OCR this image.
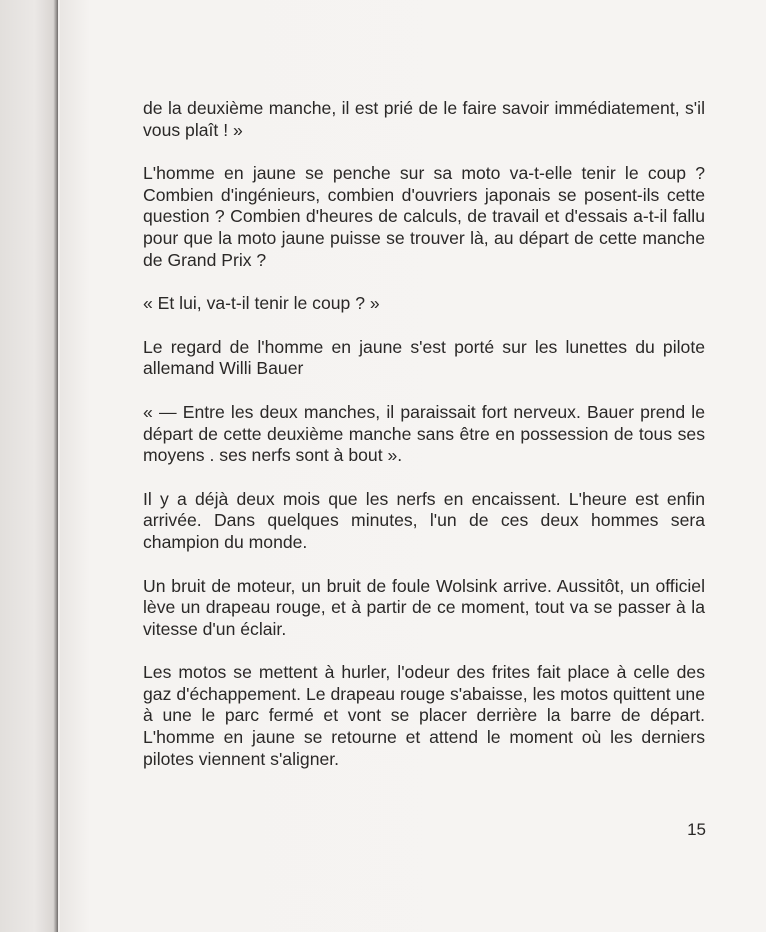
de la deuxième manche, il est prié de le faire savoir immédiatement, s'il vous plaît ! »

L'homme en jaune se penche sur sa moto va-t-elle tenir le coup ? Combien d'ingénieurs, combien d'ouvriers japonais se posent-ils cette question ? Combien d'heures de calculs, de travail et d'essais a-t-il fallu pour que la moto jaune puisse se trouver là, au départ de cette manche de Grand Prix ?

« Et lui, va-t-il tenir le coup ? »

Le regard de l'homme en jaune s'est porté sur les lunettes du pilote allemand Willi Bauer

« — Entre les deux manches, il paraissait fort nerveux. Bauer prend le départ de cette deuxième manche sans être en possession de tous ses moyens . ses nerfs sont à bout ».

Il y a déjà deux mois que les nerfs en encaissent. L'heure est enfin arrivée. Dans quelques minutes, l'un de ces deux hommes sera champion du monde.

Un bruit de moteur, un bruit de foule Wolsink arrive. Aussitôt, un officiel lève un drapeau rouge, et à partir de ce moment, tout va se passer à la vitesse d'un éclair.

Les motos se mettent à hurler, l'odeur des frites fait place à celle des gaz d'échappement. Le drapeau rouge s'abaisse, les motos quittent une à une le parc fermé et vont se placer derrière la barre de départ. L'homme en jaune se retourne et attend le moment où les derniers pilotes viennent s'aligner.

15
